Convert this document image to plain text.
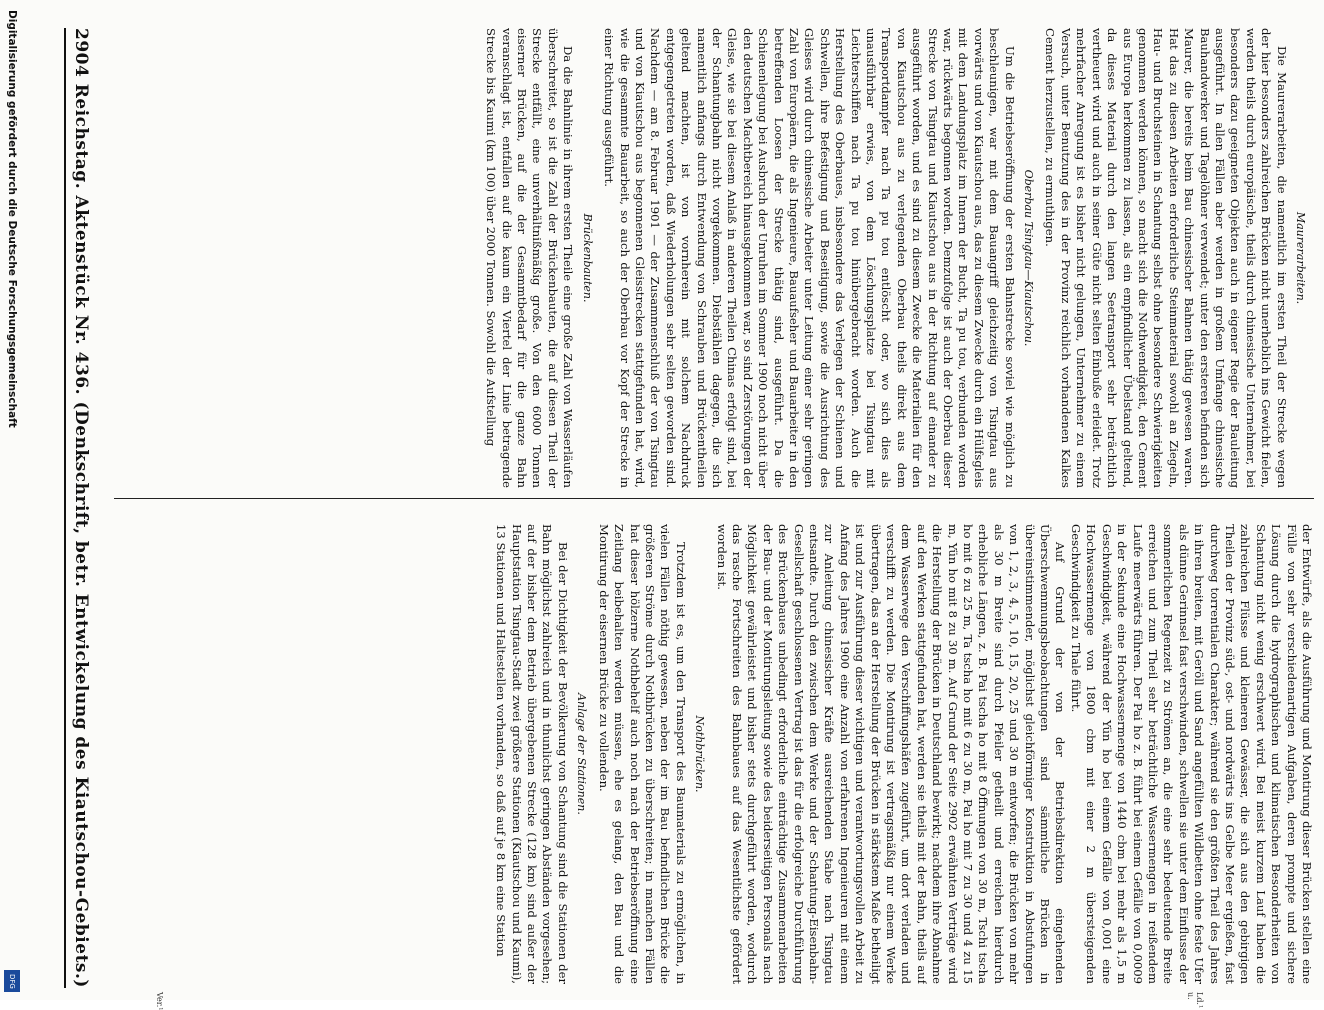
Digitalisierung gefördert durch die Deutsche Forschungsgemeinschaft
DFG
2904
Reichstag.
Aktenstück Nr. 436.
(Denkschrift, betr. Entwickelung des Kiautschou-Gebiets.)
Maurerarbeiten.

Die Maurerarbeiten, die namentlich im ersten Theil der Strecke wegen der hier besonders zahlreichen Brücken nicht unerheblich ins Gewicht fielen, werden theils durch europäische, theils durch chinesische Unternehmer, bei besonders dazu geeigneten Objekten auch in eigener Regie der Bauleitung ausgeführt. In allen Fällen aber werden in großem Umfange chinesische Bauhandwerker und Tagelöhner verwendet; unter den ersteren befinden sich Maurer, die bereits beim Bau chinesischer Bahnen thätig gewesen waren. Hat das zu diesen Arbeiten erforderliche Steinmaterial sowohl an Ziegeln, Hau- und Bruchsteinen in Schantung selbst ohne besondere Schwierigkeiten genommen werden können, so macht sich die Nothwendigkeit, den Cement aus Europa herkommen zu lassen, als ein empfindlicher Übelstand geltend, da dieses Material durch den langen Seetransport sehr beträchtlich vertheuert wird und auch in seiner Güte nicht selten Einbuße erleidet. Trotz mehrfacher Anregung ist es bisher nicht gelungen, Unternehmer zu einem Versuch, unter Benutzung des in der Provinz reichlich vorhandenen Kalkes Cement herzustellen, zu ermuthigen.

Oberbau Tsingtau—Kiautschou.

Um die Betriebseröffnung der ersten Bahnstrecke soviel wie möglich zu beschleunigen, war mit dem Bauangriff gleichzeitig von Tsingtau aus vorwärts und von Kiautschou aus, das zu diesem Zwecke durch ein Hülfsgleis mit dem Landungsplatz im Innern der Bucht, Ta pu tou, verbunden worden war, rückwärts begonnen worden. Demzufolge ist auch der Oberbau dieser Strecke von Tsingtau und Kiautschou aus in der Richtung auf einander zu ausgeführt worden, und es sind zu diesem Zwecke die Materialien für den von Kiautschou aus zu verlegenden Oberbau theils direkt aus dem Transportdampfer nach Ta pu tou entlöscht oder, wo sich dies als unausführbar erwies, von dem Löschungsplatze bei Tsingtau mit Leichterschiffen nach Ta pu tou hinübergebracht worden. Auch die Herstellung des Oberbaues, insbesondere das Verlegen der Schienen und Schwellen, ihre Befestigung und Beseitigung, sowie die Ausrichtung des Gleises wird durch chinesische Arbeiter unter Leitung einer sehr geringen Zahl von Europäern, die als Ingenieure, Bauaufseher und Bauarbeiter in den betreffenden Loosen der Strecke thätig sind, ausgeführt. Da die Schienenlegung bei Ausbruch der Unruhen im Sommer 1900 noch nicht über den deutschen Machtbereich hinausgekommen war, so sind Zerstörungen der Gleise, wie sie bei diesem Anlaß in anderen Theilen Chinas erfolgt sind, bei der Schantungbahn nicht vorgekommen. Diebstählen dagegen, die sich namentlich anfangs durch Entwendung von Schrauben und Brückentheilen geltend machten, ist von vornherein mit solchem Nachdruck entgegengetreten worden, daß Wiederholungen sehr selten geworden sind. Nachdem — am 8. Februar 1901 — der Zusammenschluß der von Tsingtau und von Kiautschou aus begonnenen Gleisstrecken stattgefunden hat, wird, wie die gesammte Bauarbeit, so auch der Oberbau vor Kopf der Strecke in einer Richtung ausgeführt.

Brückenbauten.

Da die Bahnlinie in ihrem ersten Theile eine große Zahl von Wasserläufen überschreitet, so ist die Zahl der Brückenbauten, die auf diesen Theil der Strecke entfällt, eine unverhältnißmäßig große. Von den 6000 Tonnen eiserner Brücken, auf die der Gesammtbedarf für die ganze Bahn veranschlagt ist, entfallen auf die kaum ein Viertel der Linie betragende Strecke bis Kaumi (km 100) über 2000 Tonnen. Sowohl die Aufstellung

der Entwürfe, als die Ausführung und Montirung dieser Brücken stellen eine Fülle von sehr verschiedenartigen Aufgaben, deren prompte und sichere Lösung durch die hydrographischen und klimatischen Besonderheiten von Schantung nicht wenig erschwert wird. Bei meist kurzem Lauf haben die zahlreichen Flüsse und kleineren Gewässer, die sich aus den gebirgigen Theilen der Provinz süd-, ost- und nordwärts ins Gelbe Meer ergießen, fast durchweg torrentialen Charakter; während sie den größten Theil des Jahres in ihren breiten, mit Geröll und Sand angefüllten Wildbetten ohne feste Ufer als dünne Gerinnsel fast verschwinden, schwellen sie unter dem Einflusse der sommerlichen Regenzeit zu Strömen an, die eine sehr bedeutende Breite erreichen und zum Theil sehr beträchtliche Wassermengen in reißendem Laufe meerwärts führen. Der Pai ho z. B. führt bei einem Gefälle von 0,0009 in der Sekunde eine Hochwassermenge von 1440 cbm bei mehr als 1,5 m Geschwindigkeit, während der Yün ho bei einem Gefälle von 0,001 eine Hochwassermenge von 1800 cbm mit einer 2 m übersteigenden Geschwindigkeit zu Thale führt.

Auf Grund der von der Betriebsdirektion eingehenden Überschwemmungsbeobachtungen sind sämmtliche Brücken in übereinstimmender, möglichst gleichförmiger Konstruktion in Abstufungen von 1, 2, 3, 4, 5, 10, 15, 20, 25 und 30 m entworfen; die Brücken von mehr als 30 m Breite sind durch Pfeiler getheilt und erreichen hierdurch erhebliche Längen, z. B. Pai tscha ho mit 8 Öffnungen von 30 m, Tschi tscha ho mit 6 zu 25 m, Ta tscha ho mit 6 zu 30 m, Pai ho mit 7 zu 30 und 4 zu 15 m, Yün ho mit 8 zu 30 m. Auf Grund der Seite 2902 erwähnten Verträge wird die Herstellung der Brücken in Deutschland bewirkt; nachdem ihre Abnahme auf den Werken stattgefunden hat, werden sie theils mit der Bahn, theils auf dem Wasserwege den Verschiffungshäfen zugeführt, um dort verladen und verschifft zu werden. Die Montirung ist vertragsmäßig nur einem Werke übertragen, das an der Herstellung der Brücken in stärkstem Maße betheiligt ist und zur Ausführung dieser wichtigen und verantwortungsvollen Arbeit zu Anfang des Jahres 1900 eine Anzahl von erfahrenen Ingenieuren mit einem zur Anleitung chinesischer Kräfte ausreichenden Stabe nach Tsingtau entsandte. Durch den zwischen dem Werke und der Schantung-Eisenbahn-Gesellschaft geschlossenen Vertrag ist das für die erfolgreiche Durchführung des Brückenbaues unbedingt erforderliche einträchtige Zusammenarbeiten der Bau- und der Montirungsleitung sowie des beiderseitigen Personals nach Möglichkeit gewährleistet und bisher stets durchgeführt worden, wodurch das rasche Fortschreiten des Bahnbaues auf das Wesentlichste gefördert worden ist.

Nothbrücken.

Trotzdem ist es, um den Transport des Baumaterials zu ermöglichen, in vielen Fällen nöthig gewesen, neben der im Bau befindlichen Brücke die größeren Ströme durch Nothbrücken zu überschreiten; in manchen Fällen hat dieser hölzerne Nothbehelf auch noch nach der Betriebseröffnung eine Zeitlang beibehalten werden müssen, ehe es gelang, den Bau und die Montirung der eisernen Brücke zu vollenden.

Anlage der Stationen.

Bei der Dichtigkeit der Bevölkerung von Schantung sind die Stationen der Bahn möglichst zahlreich und in thunlichst geringen Abständen vorgesehen; auf der bisher dem Betrieb übergebenen Strecke (128 km) sind außer der Hauptstation Tsingtau-Stadt zwei größere Stationen (Kiautschou und Kaumi), 13 Stationen und Haltestellen vorhanden, so daß auf je 8 km eine Station

Ld.¹ u.
Ver.¹
